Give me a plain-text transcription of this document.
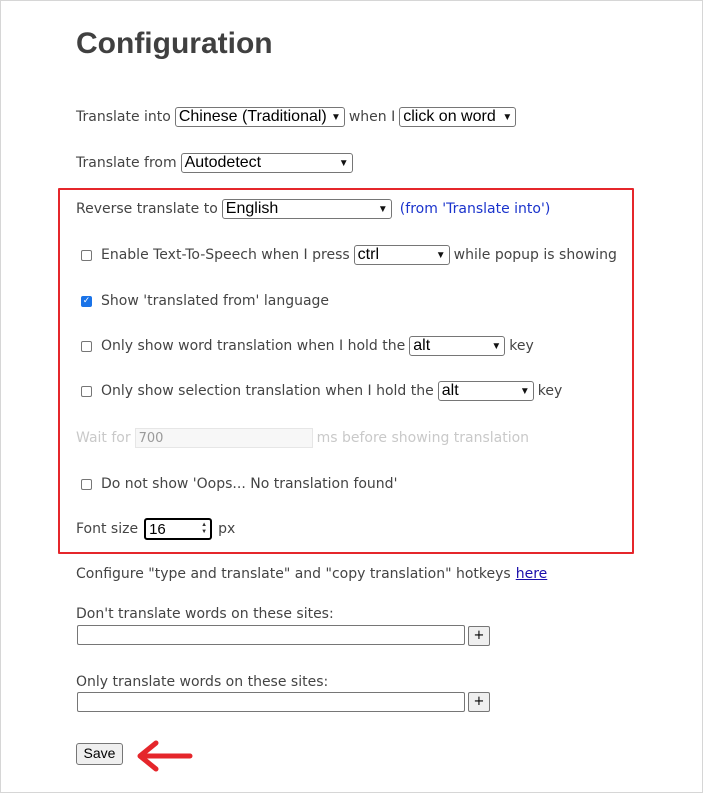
Configuration
Translate into Chinese (Traditional) ▼ when I click on word ▼
Translate from Autodetect	▼
Reverse translate to English	▼ (from 'Translate into')
Enable Text-To-Speech when I press ctrl	▼ while popup is showing
✓ Show 'translated from' language
Only show word translation when I hold the alt	▼ key
Only show selection translation when I hold the alt	▼ key
Wait for 700	ms before showing translation
Do not show 'Oops... No translation found'
Font size 16	▲
▼ px
Configure "type and translate" and "copy translation" hotkeys here
Don't translate words on these sites:
+
Only translate words on these sites:
+
Save
